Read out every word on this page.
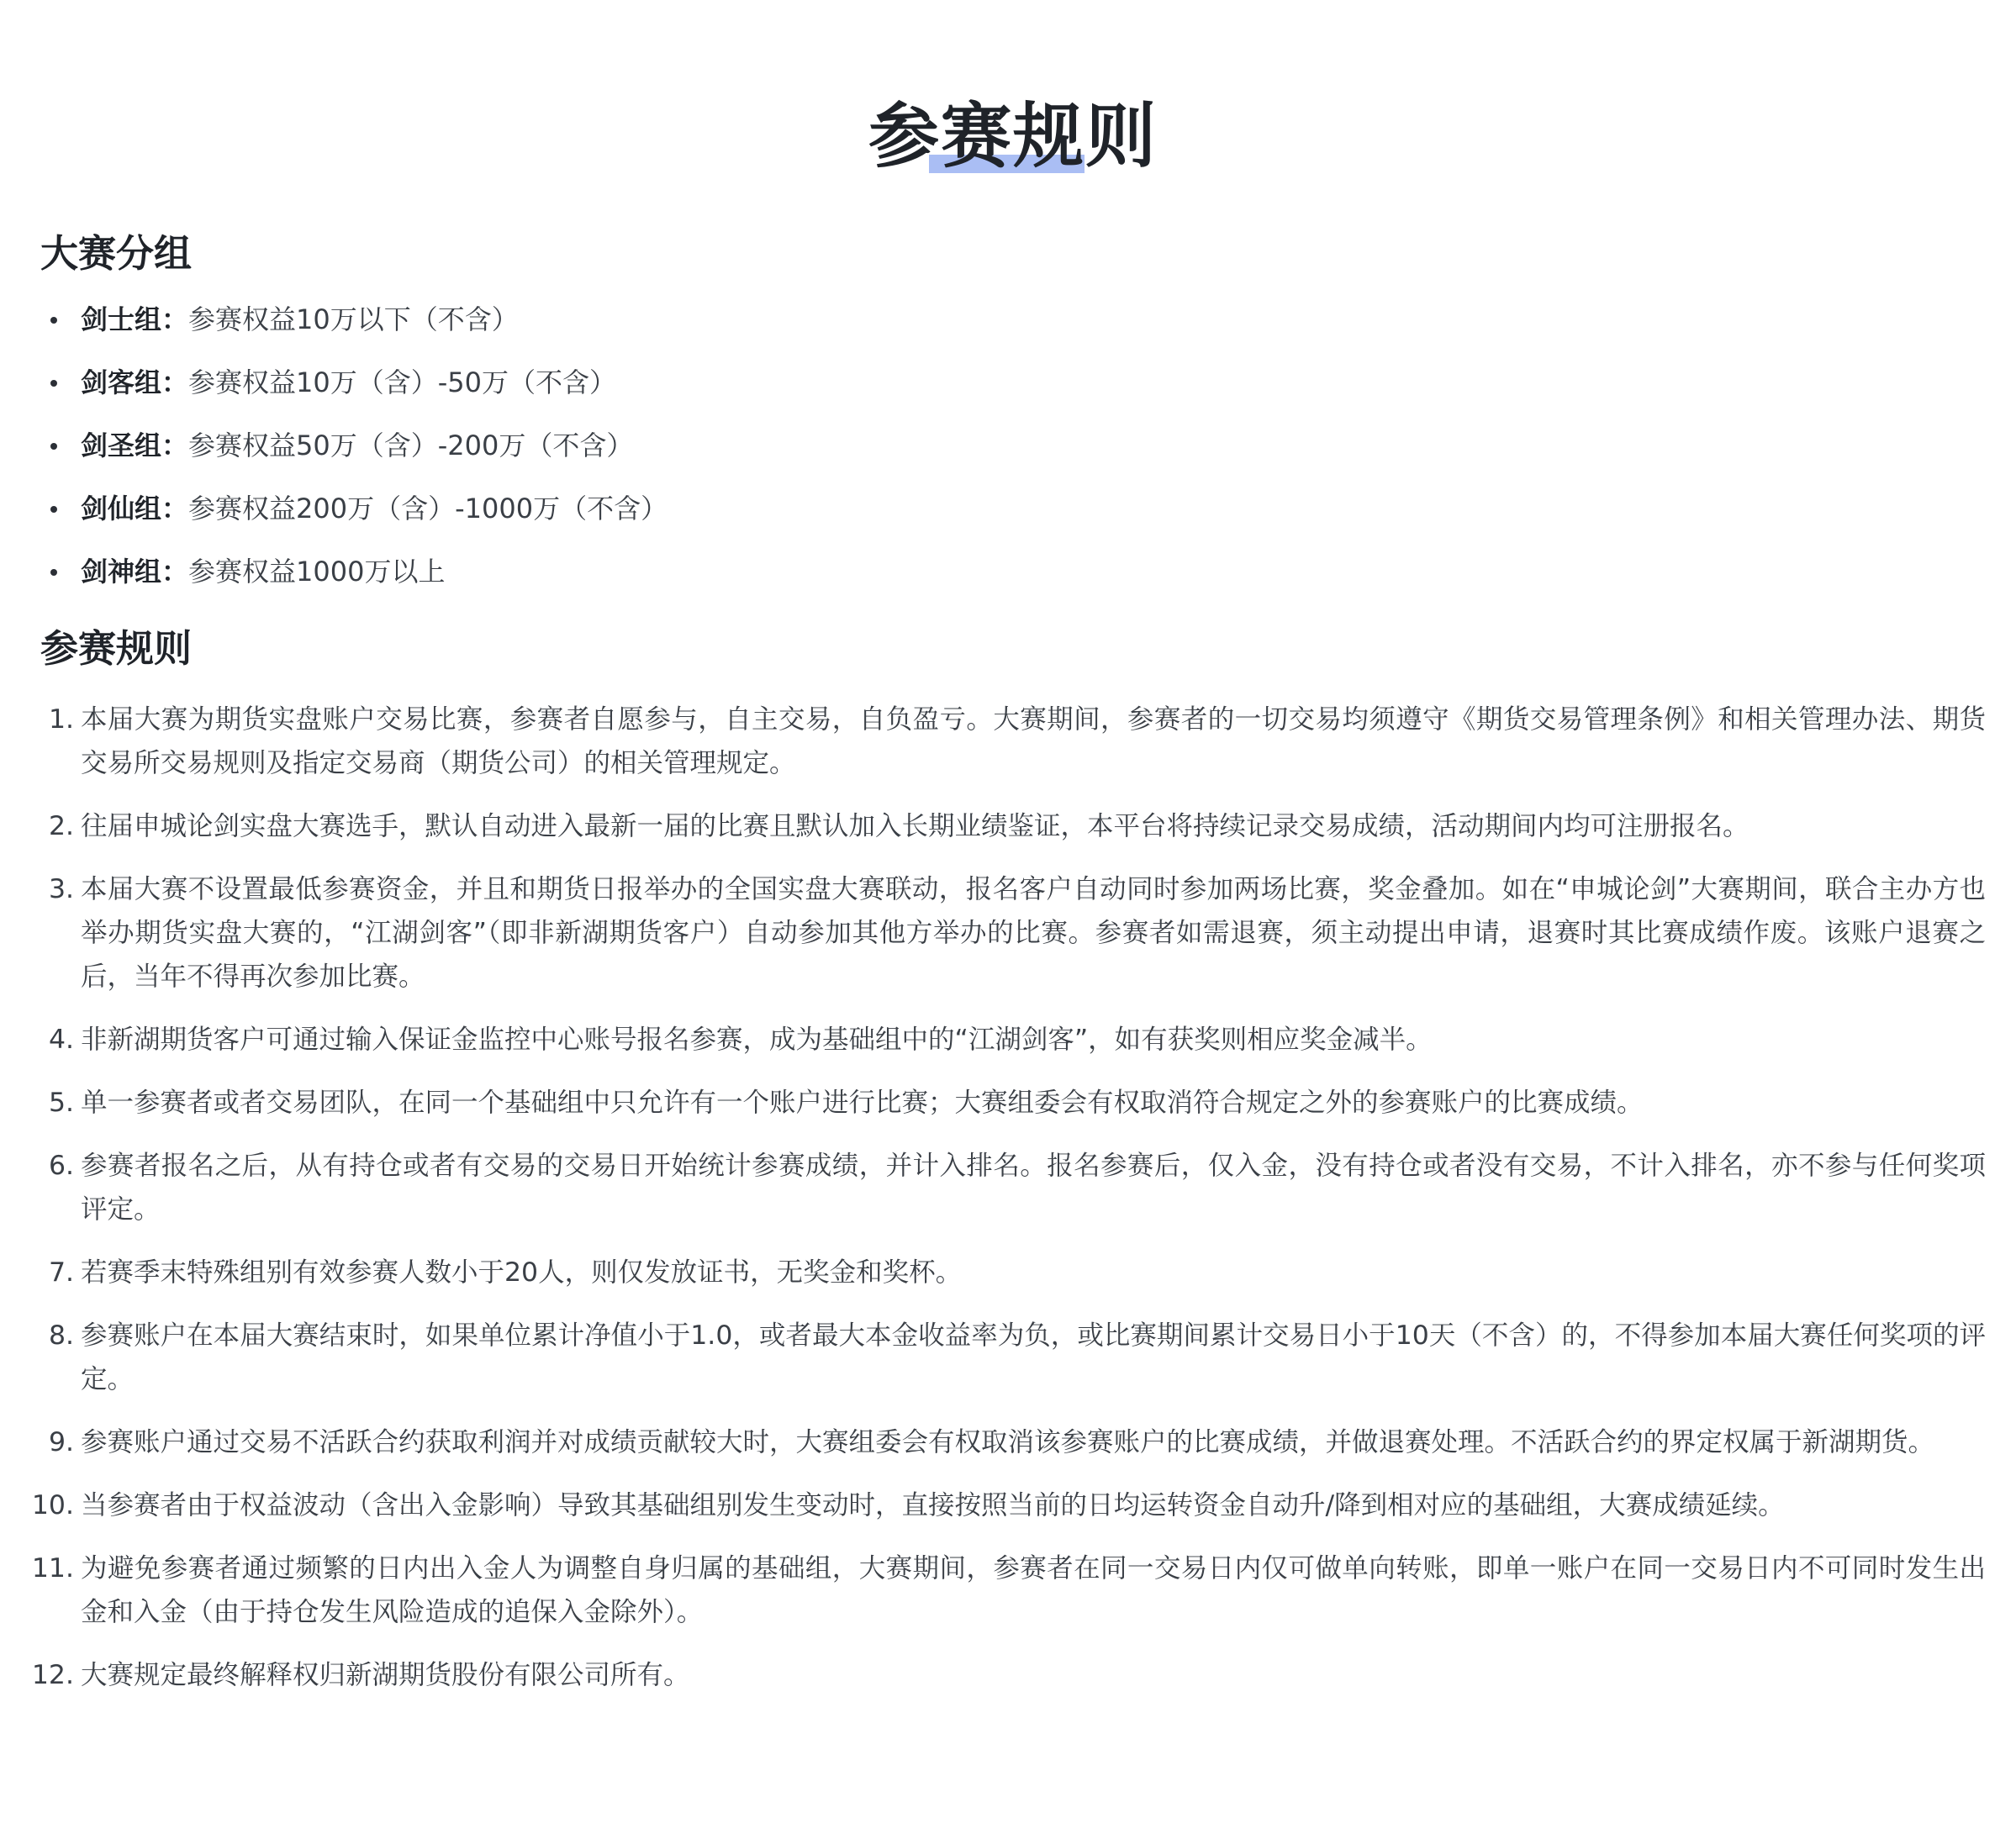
参赛规则
大赛分组
剑士组：参赛权益10万以下（不含）
剑客组：参赛权益10万（含）-50万（不含）
剑圣组：参赛权益50万（含）-200万（不含）
剑仙组：参赛权益200万（含）-1000万（不含）
剑神组：参赛权益1000万以上
参赛规则
1. 本届大赛为期货实盘账户交易比赛，参赛者自愿参与，自主交易，自负盈亏。大赛期间，参赛者的一切交易均须遵守《期货交易管理条例》和相关管理办法、期货交易所交易规则及指定交易商（期货公司）的相关管理规定。
2. 往届申城论剑实盘大赛选手，默认自动进入最新一届的比赛且默认加入长期业绩鉴证，本平台将持续记录交易成绩，活动期间内均可注册报名。
3. 本届大赛不设置最低参赛资金，并且和期货日报举办的全国实盘大赛联动，报名客户自动同时参加两场比赛，奖金叠加。如在“申城论剑”大赛期间，联合主办方也举办期货实盘大赛的，“江湖剑客”（即非新湖期货客户）自动参加其他方举办的比赛。参赛者如需退赛，须主动提出申请，退赛时其比赛成绩作废。该账户退赛之后，当年不得再次参加比赛。
4. 非新湖期货客户可通过输入保证金监控中心账号报名参赛，成为基础组中的“江湖剑客”，如有获奖则相应奖金减半。
5. 单一参赛者或者交易团队，在同一个基础组中只允许有一个账户进行比赛；大赛组委会有权取消符合规定之外的参赛账户的比赛成绩。
6. 参赛者报名之后，从有持仓或者有交易的交易日开始统计参赛成绩，并计入排名。报名参赛后，仅入金，没有持仓或者没有交易，不计入排名，亦不参与任何奖项评定。
7. 若赛季末特殊组别有效参赛人数小于20人，则仅发放证书，无奖金和奖杯。
8. 参赛账户在本届大赛结束时，如果单位累计净值小于1.0，或者最大本金收益率为负，或比赛期间累计交易日小于10天（不含）的，不得参加本届大赛任何奖项的评定。
9. 参赛账户通过交易不活跃合约获取利润并对成绩贡献较大时，大赛组委会有权取消该参赛账户的比赛成绩，并做退赛处理。不活跃合约的界定权属于新湖期货。
10. 当参赛者由于权益波动（含出入金影响）导致其基础组别发生变动时，直接按照当前的日均运转资金自动升/降到相对应的基础组，大赛成绩延续。
11. 为避免参赛者通过频繁的日内出入金人为调整自身归属的基础组，大赛期间，参赛者在同一交易日内仅可做单向转账，即单一账户在同一交易日内不可同时发生出金和入金（由于持仓发生风险造成的追保入金除外）。
12. 大赛规定最终解释权归新湖期货股份有限公司所有。
